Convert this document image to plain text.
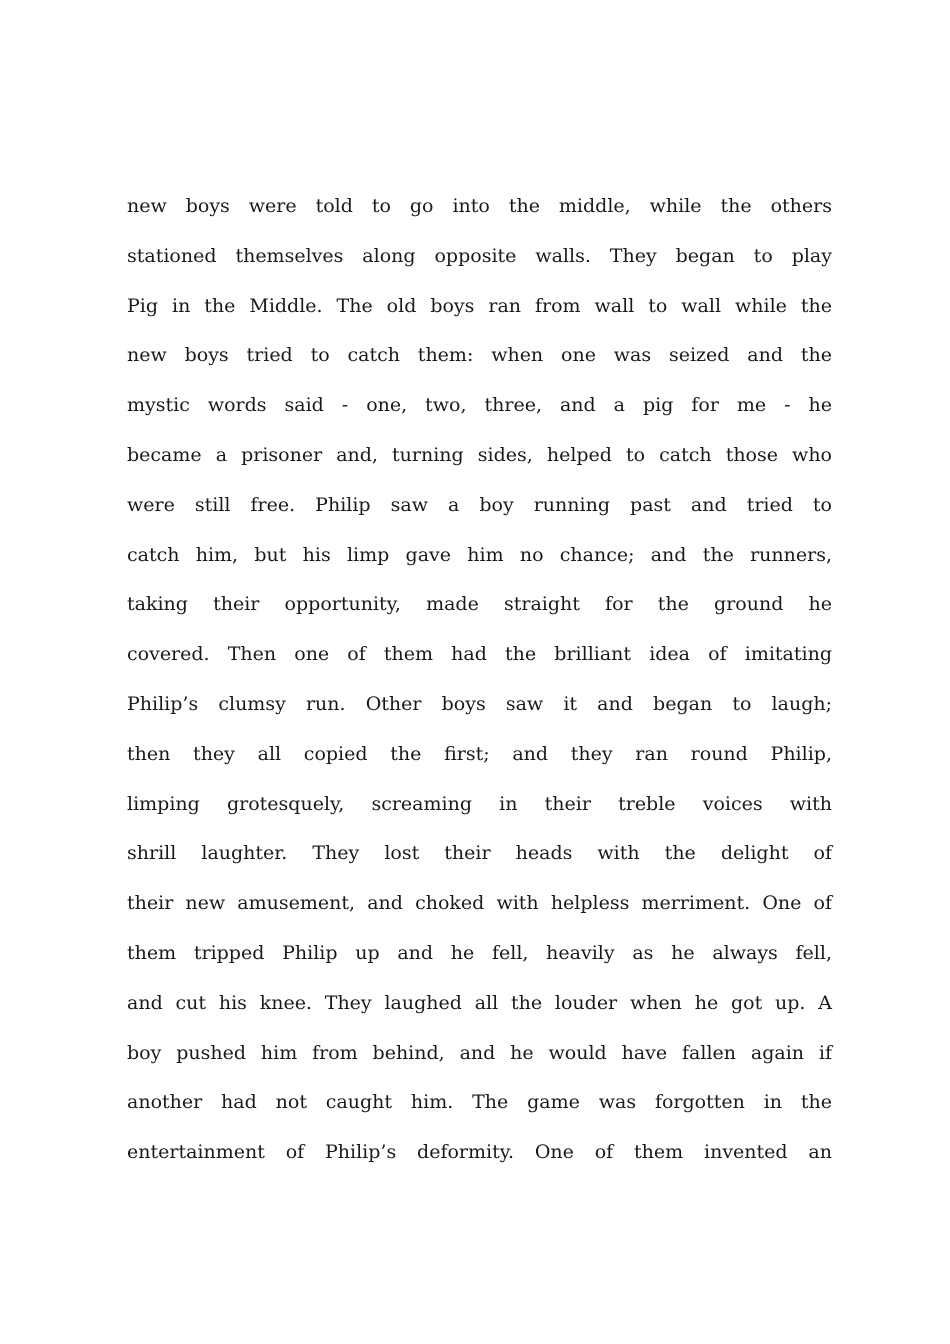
new boys were told to go into the middle, while the others
stationed themselves along opposite walls. They began to play
Pig in the Middle. The old boys ran from wall to wall while the
new boys tried to catch them: when one was seized and the
mystic words said - one, two, three, and a pig for me - he
became a prisoner and, turning sides, helped to catch those who
were still free. Philip saw a boy running past and tried to
catch him, but his limp gave him no chance; and the runners,
taking their opportunity, made straight for the ground he
covered. Then one of them had the brilliant idea of imitating
Philip’s clumsy run. Other boys saw it and began to laugh;
then they all copied the first; and they ran round Philip,
limping grotesquely, screaming in their treble voices with
shrill laughter. They lost their heads with the delight of
their new amusement, and choked with helpless merriment. One of
them tripped Philip up and he fell, heavily as he always fell,
and cut his knee. They laughed all the louder when he got up. A
boy pushed him from behind, and he would have fallen again if
another had not caught him. The game was forgotten in the
entertainment of Philip’s deformity. One of them invented an
